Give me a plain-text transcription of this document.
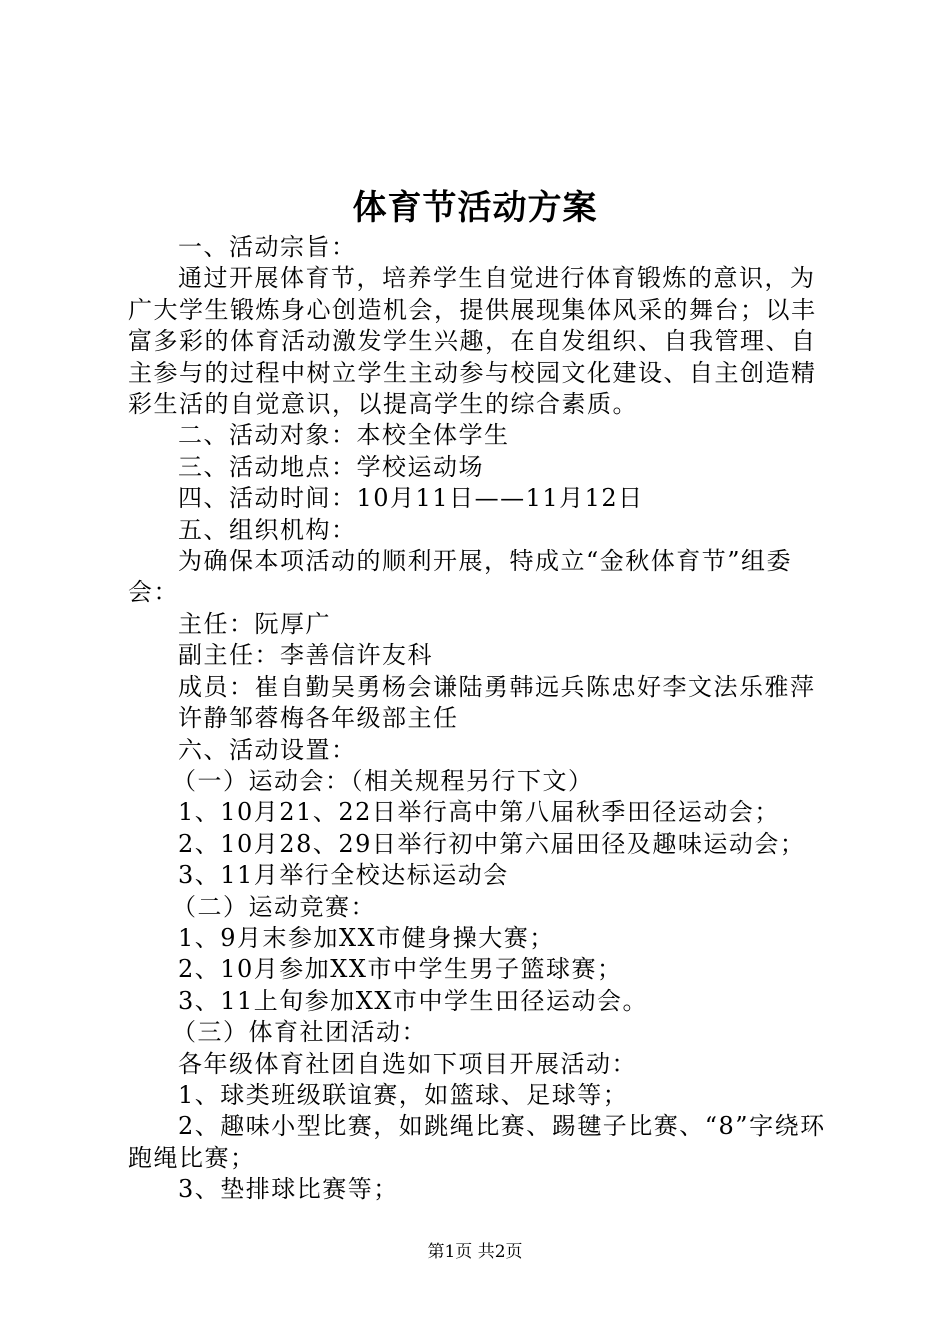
体育节活动方案

一、活动宗旨：

通过开展体育节，培养学生自觉进行体育锻炼的意识，为广大学生锻炼身心创造机会，提供展现集体风采的舞台；以丰富多彩的体育活动激发学生兴趣，在自发组织、自我管理、自主参与的过程中树立学生主动参与校园文化建设、自主创造精彩生活的自觉意识，以提高学生的综合素质。

二、活动对象：本校全体学生

三、活动地点：学校运动场

四、活动时间：10月11日——11月12日

五、组织机构：

为确保本项活动的顺利开展，特成立“金秋体育节”组委会：

主任：阮厚广

副主任：李善信许友科

成员：崔自勤吴勇杨会谦陆勇韩远兵陈忠好李文法乐雅萍

许静邹蓉梅各年级部主任

六、活动设置：

（一）运动会：（相关规程另行下文）

1、10月21、22日举行高中第八届秋季田径运动会；

2、10月28、29日举行初中第六届田径及趣味运动会；

3、11月举行全校达标运动会

（二）运动竞赛：

1、9月末参加XX市健身操大赛；

2、10月参加XX市中学生男子篮球赛；

3、11上旬参加XX市中学生田径运动会。

（三）体育社团活动：

各年级体育社团自选如下项目开展活动：

1、球类班级联谊赛，如篮球、足球等；

2、趣味小型比赛，如跳绳比赛、踢毽子比赛、“8”字绕环跑绳比赛；

3、垫排球比赛等；

第1页 共2页
